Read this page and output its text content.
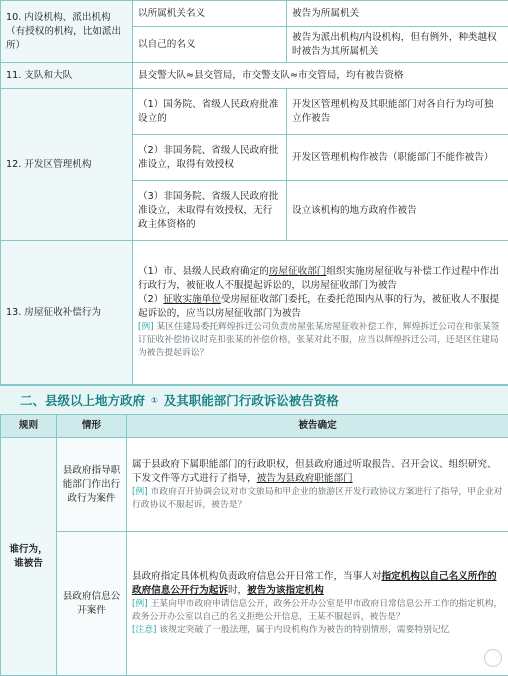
10. 内设机构、派出机构（有授权的机构，比如派出所）	以所属机关名义	被告为所属机关
	以自己的名义	被告为派出机构/内设机构，但有例外，种类越权时被告为其所属机关
11. 支队和大队	县交警大队≈县交管局，市交警支队≈市交管局，均有被告资格	
12. 开发区管理机构	（1）国务院、省级人民政府批准设立的	开发区管理机构及其职能部门对各自行为均可独立作被告
	（2）非国务院、省级人民政府批准设立，取得有效授权	开发区管理机构作被告（职能部门不能作被告）
	（3）非国务院、省级人民政府批准设立，未取得有效授权，无行政主体资格的	设立该机构的地方政府作被告
13. 房屋征收补偿行为	（1）市、县级人民政府确定的房屋征收部门组织实施房屋征收与补偿工作过程中作出行政行为，被征收人不服提起诉讼的，以房屋征收部门为被告
（2）征收实施单位受房屋征收部门委托，在委托范围内从事的行为，被征收人不服提起诉讼的，应当以房屋征收部门为被告
[例] 某区住建局委托辉煌拆迁公司负责房屋张某房屋征收补偿工作，辉煌拆迁公司在和张某签订征收补偿协议时克扣张某的补偿价格，张某对此不服，应当以辉煌拆迁公司，还是区住建局为被告提起诉讼？	
二、县级以上地方政府 ① 及其职能部门行政诉讼被告资格
规则	情形	被告确定
谁行为，谁被告	县政府指导职能部门作出行政行为案件	属于县政府下属职能部门的行政职权，但县政府通过听取报告、召开会议、组织研究、下发文件等方式进行了指导，被告为县政府职能部门
[例] 市政府召开协调会议对市文旅局和甲企业的旅游区开发行政协议方案进行了指导，甲企业对行政协议不服起诉，被告是？

	县政府信息公开案件	县政府指定具体机构负责政府信息公开日常工作，当事人对指定机构以自己名义所作的政府信息公开行为起诉时，被告为该指定机构
[例] 王某向甲市政府申请信息公开，政务公开办公室是甲市政府日常信息公开工作的指定机构，政务公开办公室以自己的名义拒绝公开信息，王某不服起诉，被告是？
[注意] 该规定突破了一般法理，属于内设机构作为被告的特别情形，需要特别记忆
